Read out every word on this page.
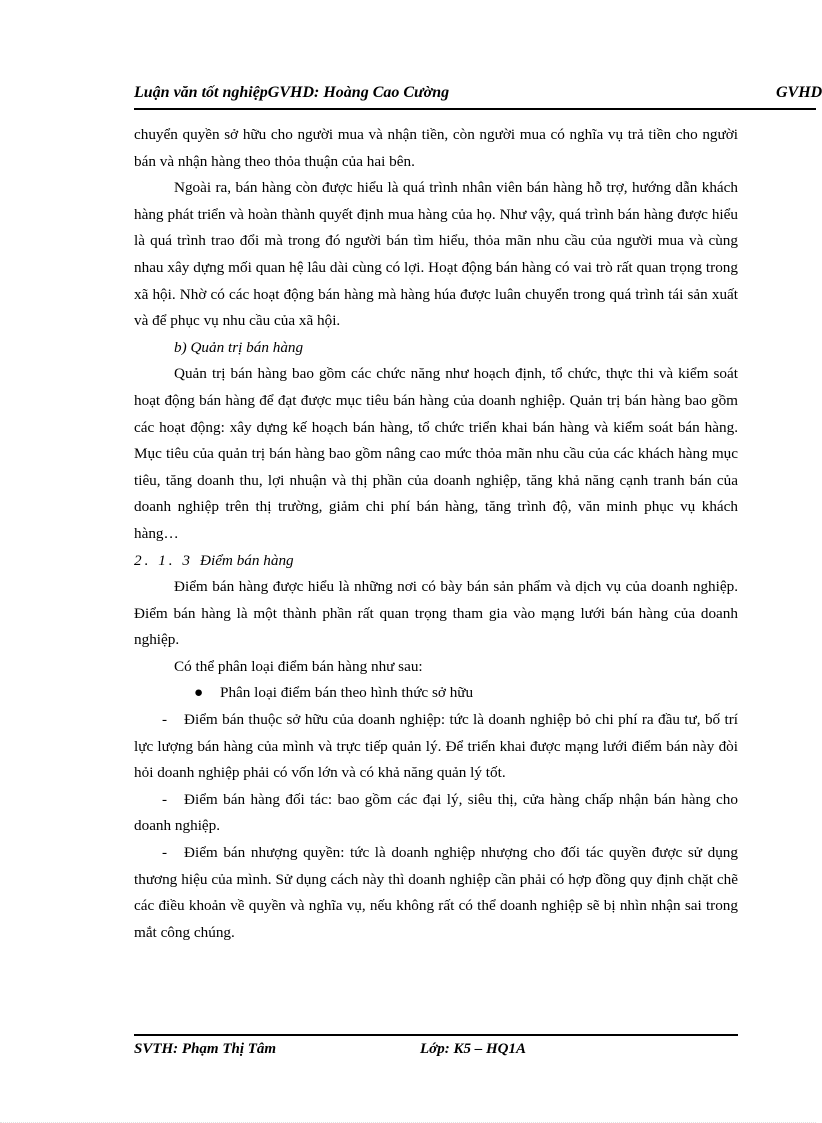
Luận văn tốt nghiệpGVHD: Hoàng Cao Cường	GVHD

chuyển quyền sở hữu cho người mua và nhận tiền, còn người mua có nghĩa vụ trả tiền cho người bán và nhận hàng theo thỏa thuận của hai bên.

Ngoài ra, bán hàng còn được hiểu là quá trình nhân viên bán hàng hỗ trợ, hướng dẫn khách hàng phát triển và hoàn thành quyết định mua hàng của họ. Như vậy, quá trình bán hàng được hiểu là quá trình trao đổi mà trong đó người bán tìm hiểu, thỏa mãn nhu cầu của người mua và cùng nhau xây dựng mối quan hệ lâu dài cùng có lợi. Hoạt động bán hàng có vai trò rất quan trọng trong xã hội. Nhờ có các hoạt động bán hàng mà hàng húa được luân chuyển trong quá trình tái sản xuất và để phục vụ nhu cầu của xã hội.

b) Quản trị bán hàng

Quản trị bán hàng bao gồm các chức năng như hoạch định, tổ chức, thực thi và kiểm soát hoạt động bán hàng để đạt được mục tiêu bán hàng của doanh nghiệp. Quản trị bán hàng bao gồm các hoạt động: xây dựng kế hoạch bán hàng, tổ chức triển khai bán hàng và kiểm soát bán hàng. Mục tiêu của quản trị bán hàng bao gồm nâng cao mức thỏa mãn nhu cầu của các khách hàng mục tiêu, tăng doanh thu, lợi nhuận và thị phần của doanh nghiệp, tăng khả năng cạnh tranh bán của doanh nghiệp trên thị trường, giảm chi phí bán hàng, tăng trình độ, văn minh phục vụ khách hàng…

2. 1. 3 Điểm bán hàng

Điểm bán hàng được hiểu là những nơi có bày bán sản phẩm và dịch vụ của doanh nghiệp. Điểm bán hàng là một thành phần rất quan trọng tham gia vào mạng lưới bán hàng của doanh nghiệp.

Có thể phân loại điểm bán hàng như sau:

● Phân loại điểm bán theo hình thức sở hữu

- Điểm bán thuộc sở hữu của doanh nghiệp: tức là doanh nghiệp bỏ chi phí ra đầu tư, bố trí lực lượng bán hàng của mình và trực tiếp quản lý. Để triển khai được mạng lưới điểm bán này đòi hỏi doanh nghiệp phải có vốn lớn và có khả năng quản lý tốt.

- Điểm bán hàng đối tác: bao gồm các đại lý, siêu thị, cửa hàng chấp nhận bán hàng cho doanh nghiệp.

- Điểm bán nhượng quyền: tức là doanh nghiệp nhượng cho đối tác quyền được sử dụng thương hiệu của mình. Sử dụng cách này thì doanh nghiệp cần phải có hợp đồng quy định chặt chẽ các điều khoản về quyền và nghĩa vụ, nếu không rất có thể doanh nghiệp sẽ bị nhìn nhận sai trong mắt công chúng.

SVTH: Phạm Thị Tâm	Lớp: K5 – HQ1A
